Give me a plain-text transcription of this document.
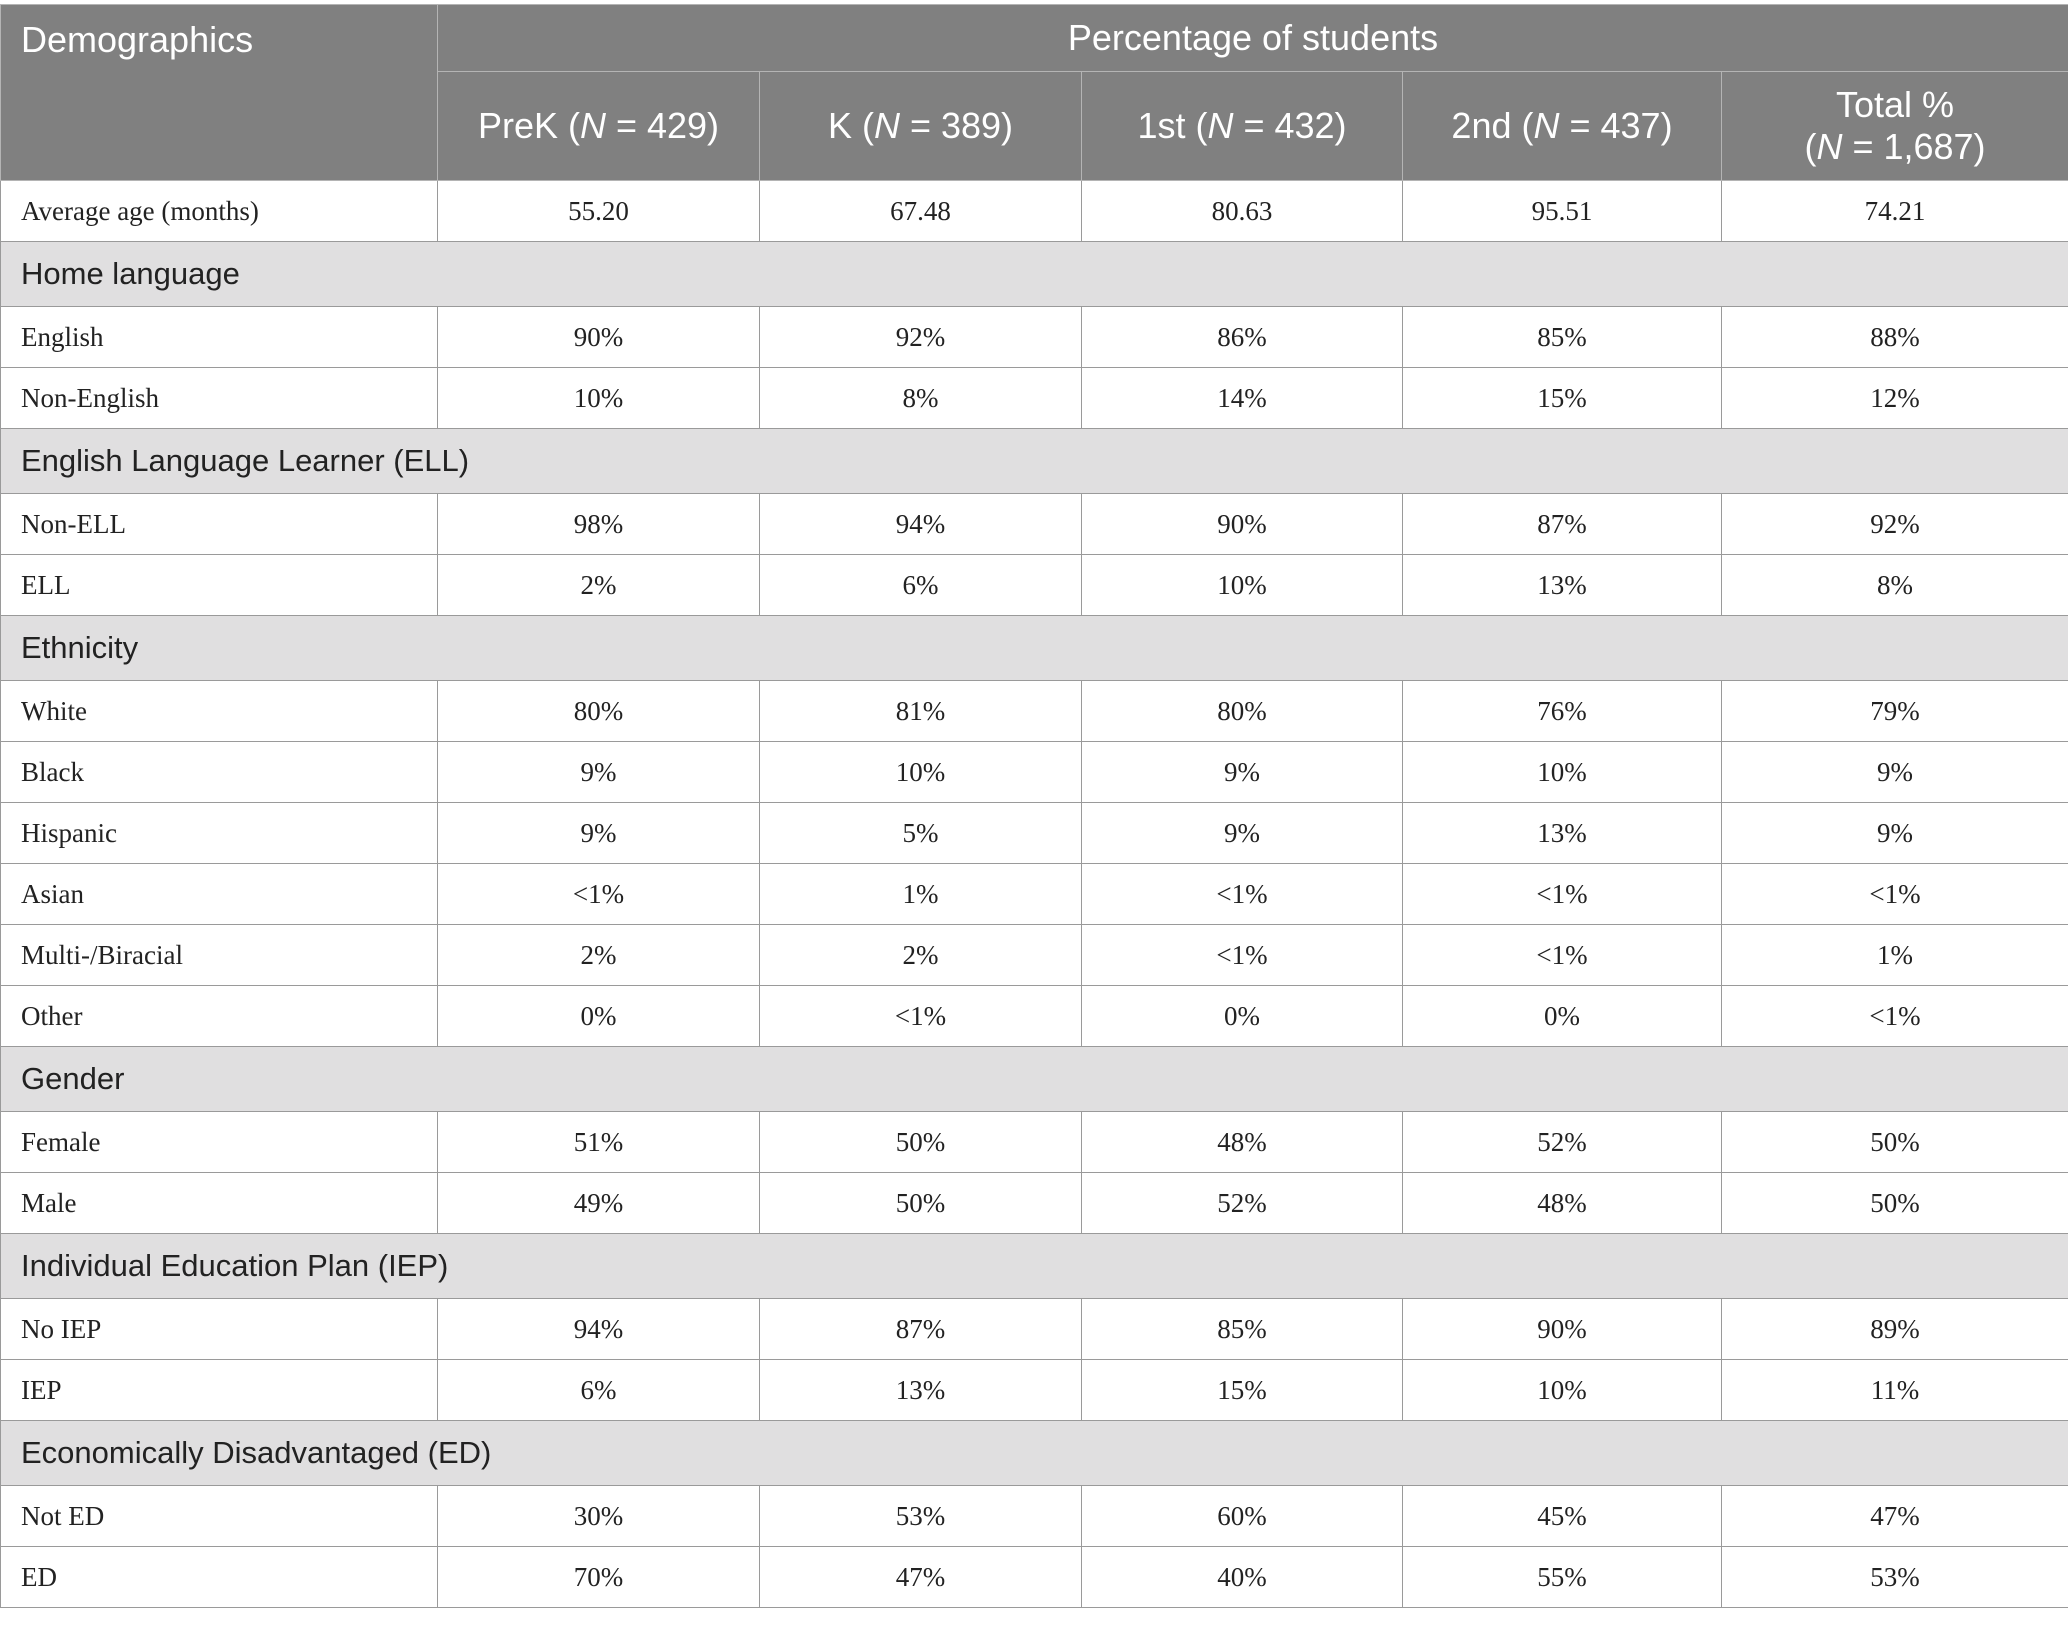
Demographics	Percentage of students				
	PreK (N = 429)	K (N = 389)	1st (N = 432)	2nd (N = 437)	Total %
(N = 1,687)
Average age (months)	55.20	67.48	80.63	95.51	74.21
Home language					
English	90%	92%	86%	85%	88%
Non-English	10%	8%	14%	15%	12%
English Language Learner (ELL)					
Non-ELL	98%	94%	90%	87%	92%
ELL	2%	6%	10%	13%	8%
Ethnicity					
White	80%	81%	80%	76%	79%
Black	9%	10%	9%	10%	9%
Hispanic	9%	5%	9%	13%	9%
Asian	<1%	1%	<1%	<1%	<1%
Multi-/Biracial	2%	2%	<1%	<1%	1%
Other	0%	<1%	0%	0%	<1%
Gender					
Female	51%	50%	48%	52%	50%
Male	49%	50%	52%	48%	50%
Individual Education Plan (IEP)					
No IEP	94%	87%	85%	90%	89%
IEP	6%	13%	15%	10%	11%
Economically Disadvantaged (ED)					
Not ED	30%	53%	60%	45%	47%
ED	70%	47%	40%	55%	53%
